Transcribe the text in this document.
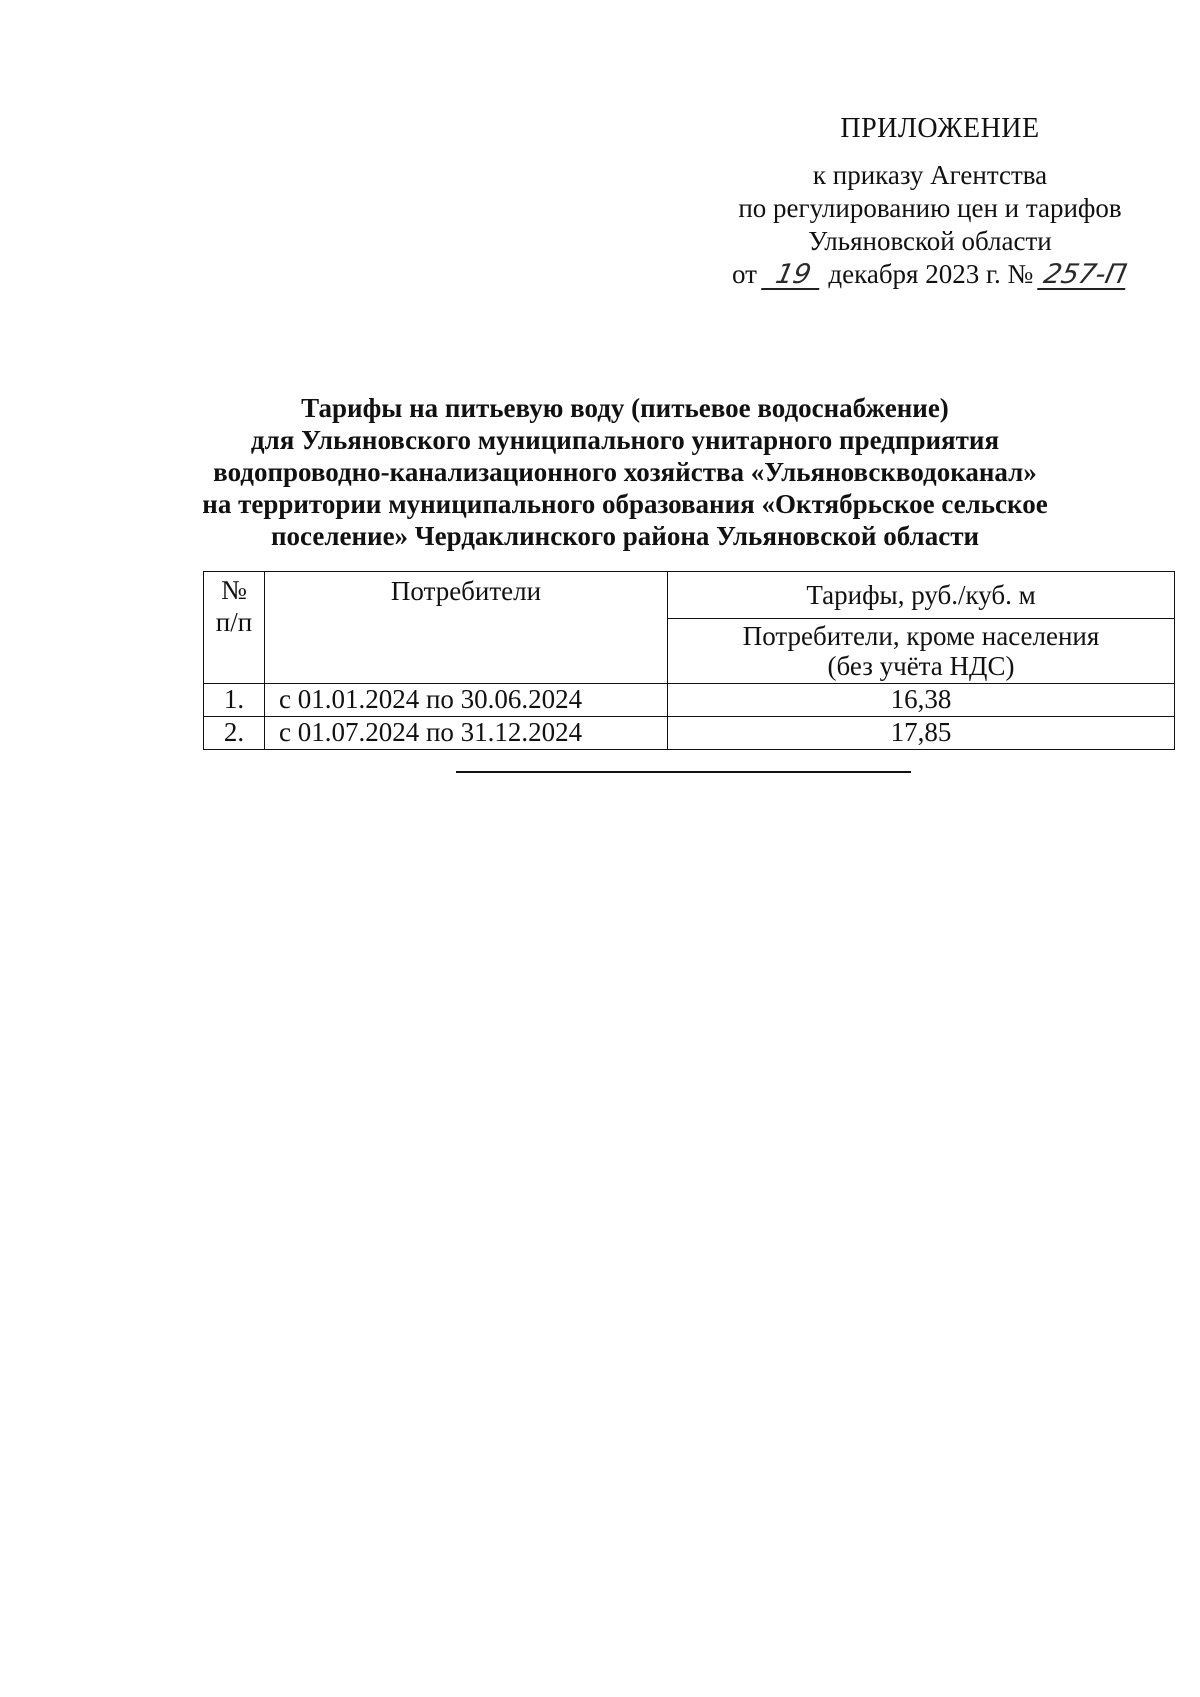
ПРИЛОЖЕНИЕ
к приказу Агентства
по регулированию цен и тарифов
Ульяновской области
от 19 декабря 2023 г. № 257-П
Тарифы на питьевую воду (питьевое водоснабжение)
для Ульяновского муниципального унитарного предприятия
водопроводно-канализационного хозяйства «Ульяновскводоканал»
на территории муниципального образования «Октябрьское сельское
поселение» Чердаклинского района Ульяновской области
№
п/п	Потребители	Тарифы, руб./куб. м

		Потребители, кроме населения
(без учёта НДС)

1.	с 01.01.2024 по 30.06.2024	16,38
2.	с 01.07.2024 по 31.12.2024	17,85
